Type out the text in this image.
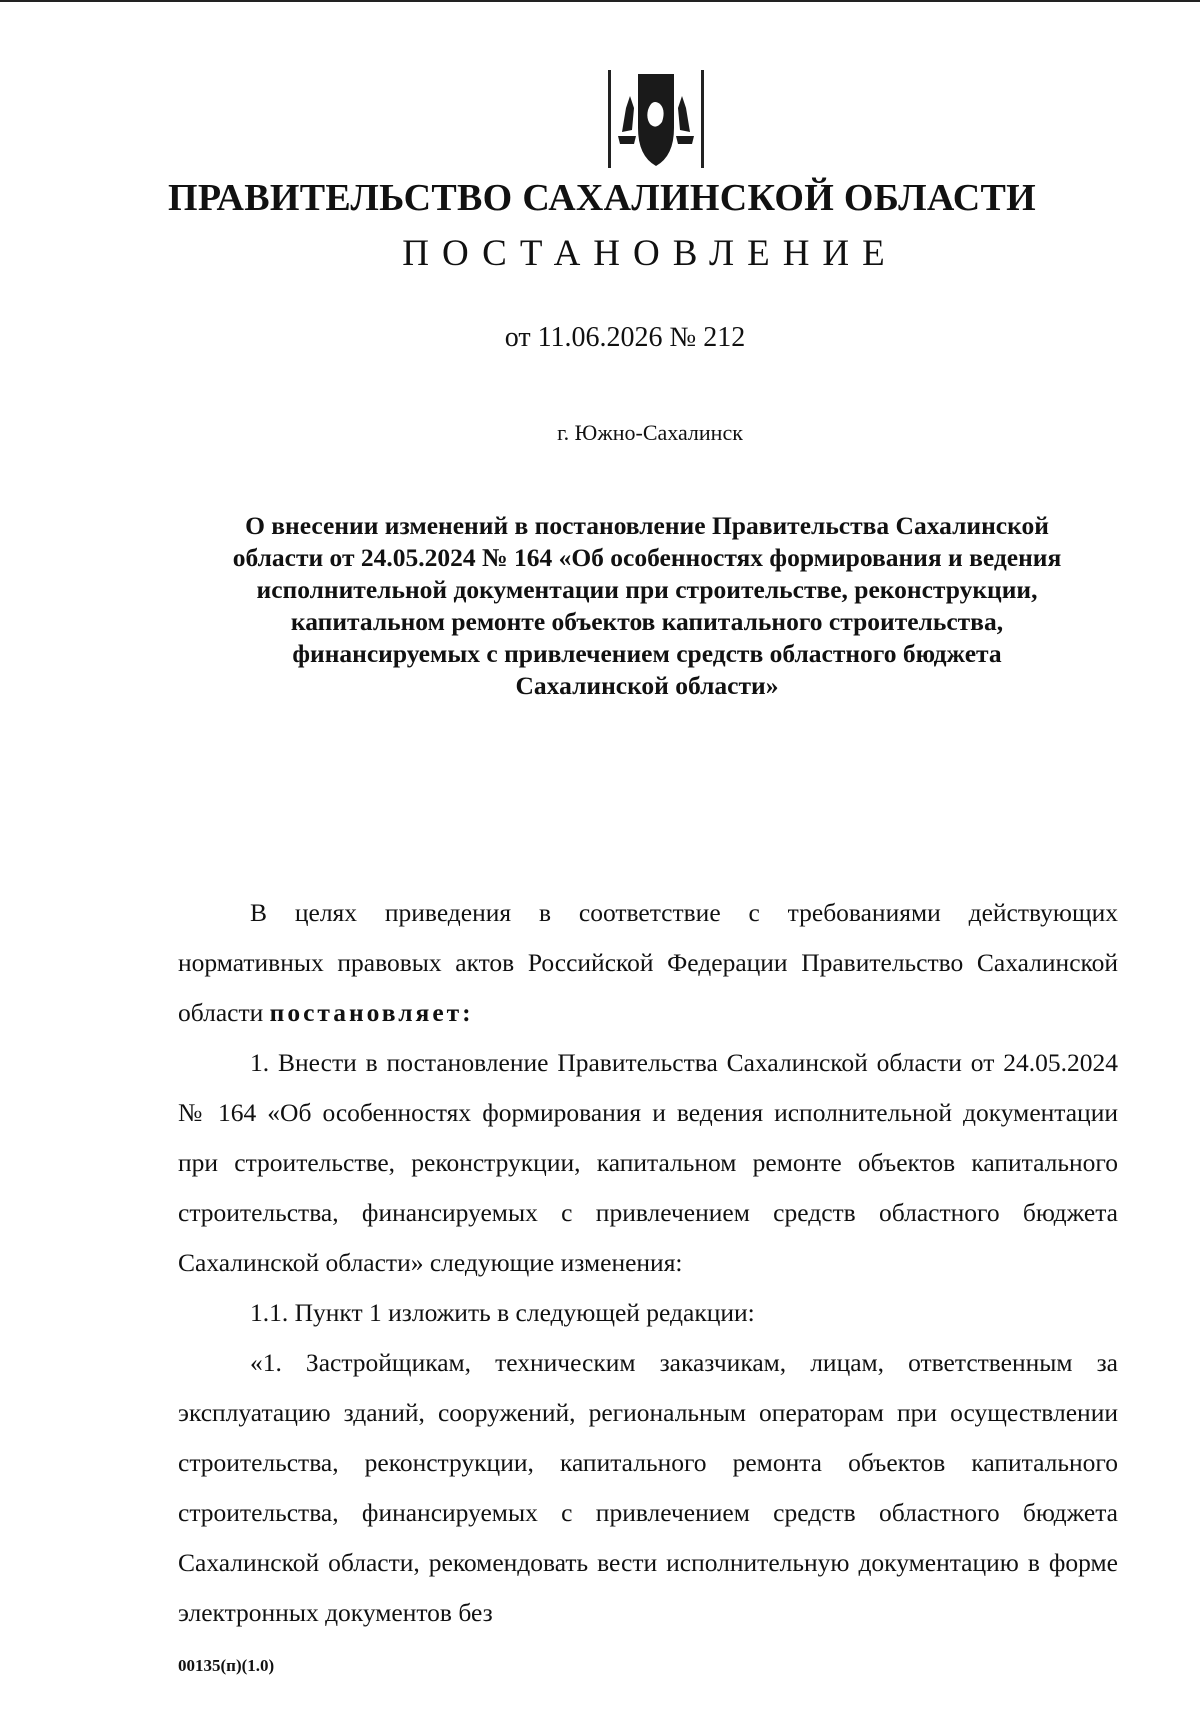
ПРАВИТЕЛЬСТВО САХАЛИНСКОЙ ОБЛАСТИ
ПОСТАНОВЛЕНИЕ
от 11.06.2026 № 212
г. Южно-Сахалинск
О внесении изменений в постановление Правительства Сахалинской области от 24.05.2024 № 164 «Об особенностях формирования и ведения исполнительной документации при строительстве, реконструкции, капитальном ремонте объектов капитального строительства, финансируемых с привлечением средств областного бюджета Сахалинской области»

В целях приведения в соответствие с требованиями действующих нормативных правовых актов Российской Федерации Правительство Сахалинской области постановляет:

1. Внести в постановление Правительства Сахалинской области от 24.05.2024 № 164 «Об особенностях формирования и ведения исполнительной документации при строительстве, реконструкции, капитальном ремонте объектов капитального строительства, финансируемых с привлечением средств областного бюджета Сахалинской области» следующие изменения:

1.1. Пункт 1 изложить в следующей редакции:

«1. Застройщикам, техническим заказчикам, лицам, ответственным за эксплуатацию зданий, сооружений, региональным операторам при осуществлении строительства, реконструкции, капитального ремонта объектов капитального строительства, финансируемых с привлечением средств областного бюджета Сахалинской области, рекомендовать вести исполнительную документацию в форме электронных документов без

00135(п)(1.0)
